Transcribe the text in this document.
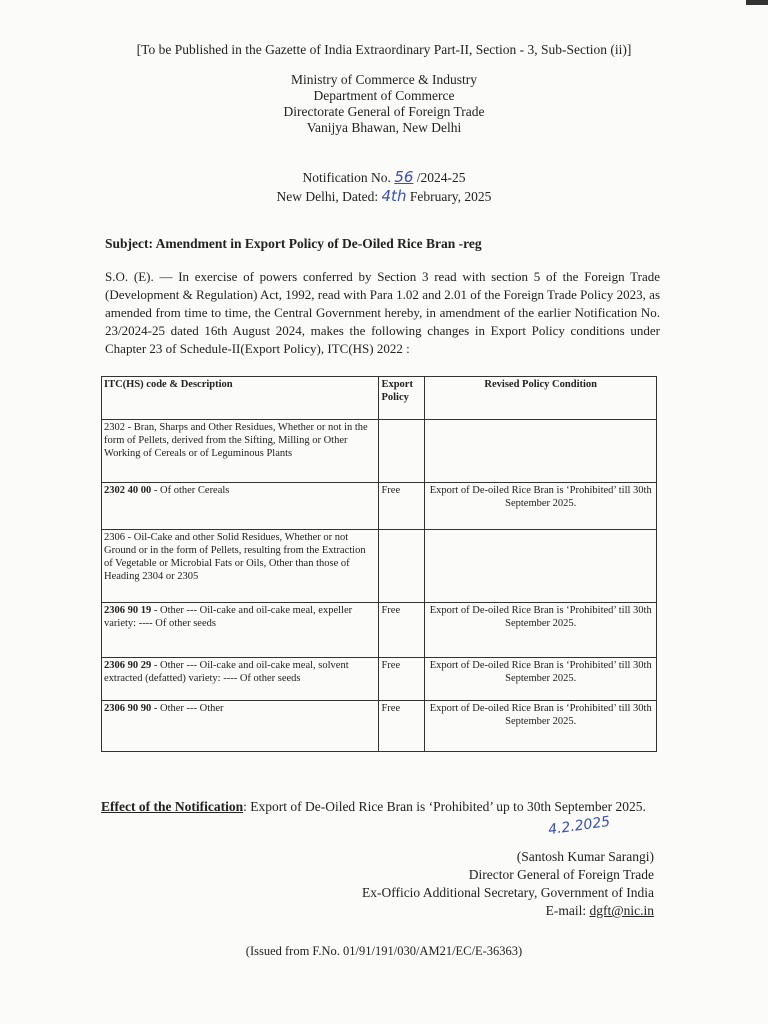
[To be Published in the Gazette of India Extraordinary Part-II, Section - 3, Sub-Section (ii)]
Ministry of Commerce & Industry
Department of Commerce
Directorate General of Foreign Trade
Vanijya Bhawan, New Delhi
Notification No. 56 /2024-25
New Delhi, Dated: 4th February, 2025
Subject: Amendment in Export Policy of De-Oiled Rice Bran -reg
S.O. (E). — In exercise of powers conferred by Section 3 read with section 5 of the Foreign Trade (Development & Regulation) Act, 1992, read with Para 1.02 and 2.01 of the Foreign Trade Policy 2023, as amended from time to time, the Central Government hereby, in amendment of the earlier Notification No. 23/2024-25 dated 16th August 2024, makes the following changes in Export Policy conditions under Chapter 23 of Schedule-II(Export Policy), ITC(HS) 2022 :
ITC(HS) code & Description	Export Policy	Revised Policy Condition
2302 - Bran, Sharps and Other Residues, Whether or not in the form of Pellets, derived from the Sifting, Milling or Other Working of Cereals or of Leguminous Plants		
2302 40 00 - Of other Cereals	Free	Export of De-oiled Rice Bran is ‘Prohibited’ till 30th September 2025.
2306 - Oil-Cake and other Solid Residues, Whether or not Ground or in the form of Pellets, resulting from the Extraction of Vegetable or Microbial Fats or Oils, Other than those of Heading 2304 or 2305		
2306 90 19 - Other --- Oil-cake and oil-cake meal, expeller variety: ---- Of other seeds	Free	Export of De-oiled Rice Bran is ‘Prohibited’ till 30th September 2025.
2306 90 29 - Other --- Oil-cake and oil-cake meal, solvent extracted (defatted) variety: ---- Of other seeds	Free	Export of De-oiled Rice Bran is ‘Prohibited’ till 30th September 2025.
2306 90 90 - Other --- Other	Free	Export of De-oiled Rice Bran is ‘Prohibited’ till 30th September 2025.
Effect of the Notification: Export of De-Oiled Rice Bran is ‘Prohibited’ up to 30th September 2025.
4.2.2025
(Santosh Kumar Sarangi)
Director General of Foreign Trade
Ex-Officio Additional Secretary, Government of India
E-mail: dgft@nic.in
(Issued from F.No. 01/91/191/030/AM21/EC/E-36363)
